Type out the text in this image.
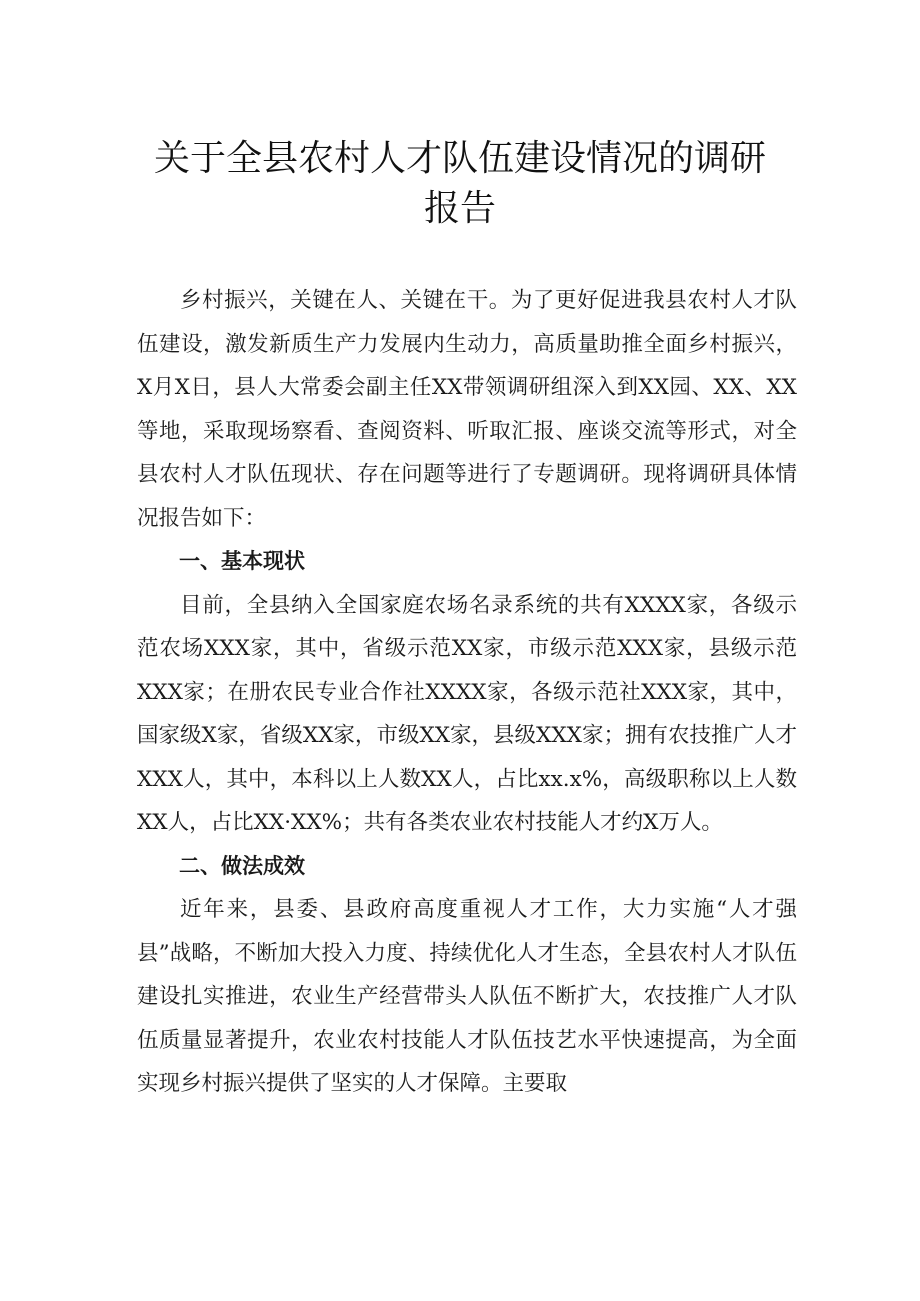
关于全县农村人才队伍建设情况的调研报告

乡村振兴，关键在人、关键在干。为了更好促进我县农村人才队伍建设，激发新质生产力发展内生动力，高质量助推全面乡村振兴，X月X日，县人大常委会副主任XX带领调研组深入到XX园、XX、XX等地，采取现场察看、查阅资料、听取汇报、座谈交流等形式，对全县农村人才队伍现状、存在问题等进行了专题调研。现将调研具体情况报告如下：

一、基本现状

目前，全县纳入全国家庭农场名录系统的共有XXXX家，各级示范农场XXX家，其中，省级示范XX家，市级示范XXX家，县级示范XXX家；在册农民专业合作社XXXX家，各级示范社XXX家，其中，国家级X家，省级XX家，市级XX家，县级XXX家；拥有农技推广人才XXX人，其中，本科以上人数XX人，占比xx.x%，高级职称以上人数XX人，占比XX·XX%；共有各类农业农村技能人才约X万人。

二、做法成效

近年来，县委、县政府高度重视人才工作，大力实施“人才强县”战略，不断加大投入力度、持续优化人才生态，全县农村人才队伍建设扎实推进，农业生产经营带头人队伍不断扩大，农技推广人才队伍质量显著提升，农业农村技能人才队伍技艺水平快速提高，为全面实现乡村振兴提供了坚实的人才保障。主要取
